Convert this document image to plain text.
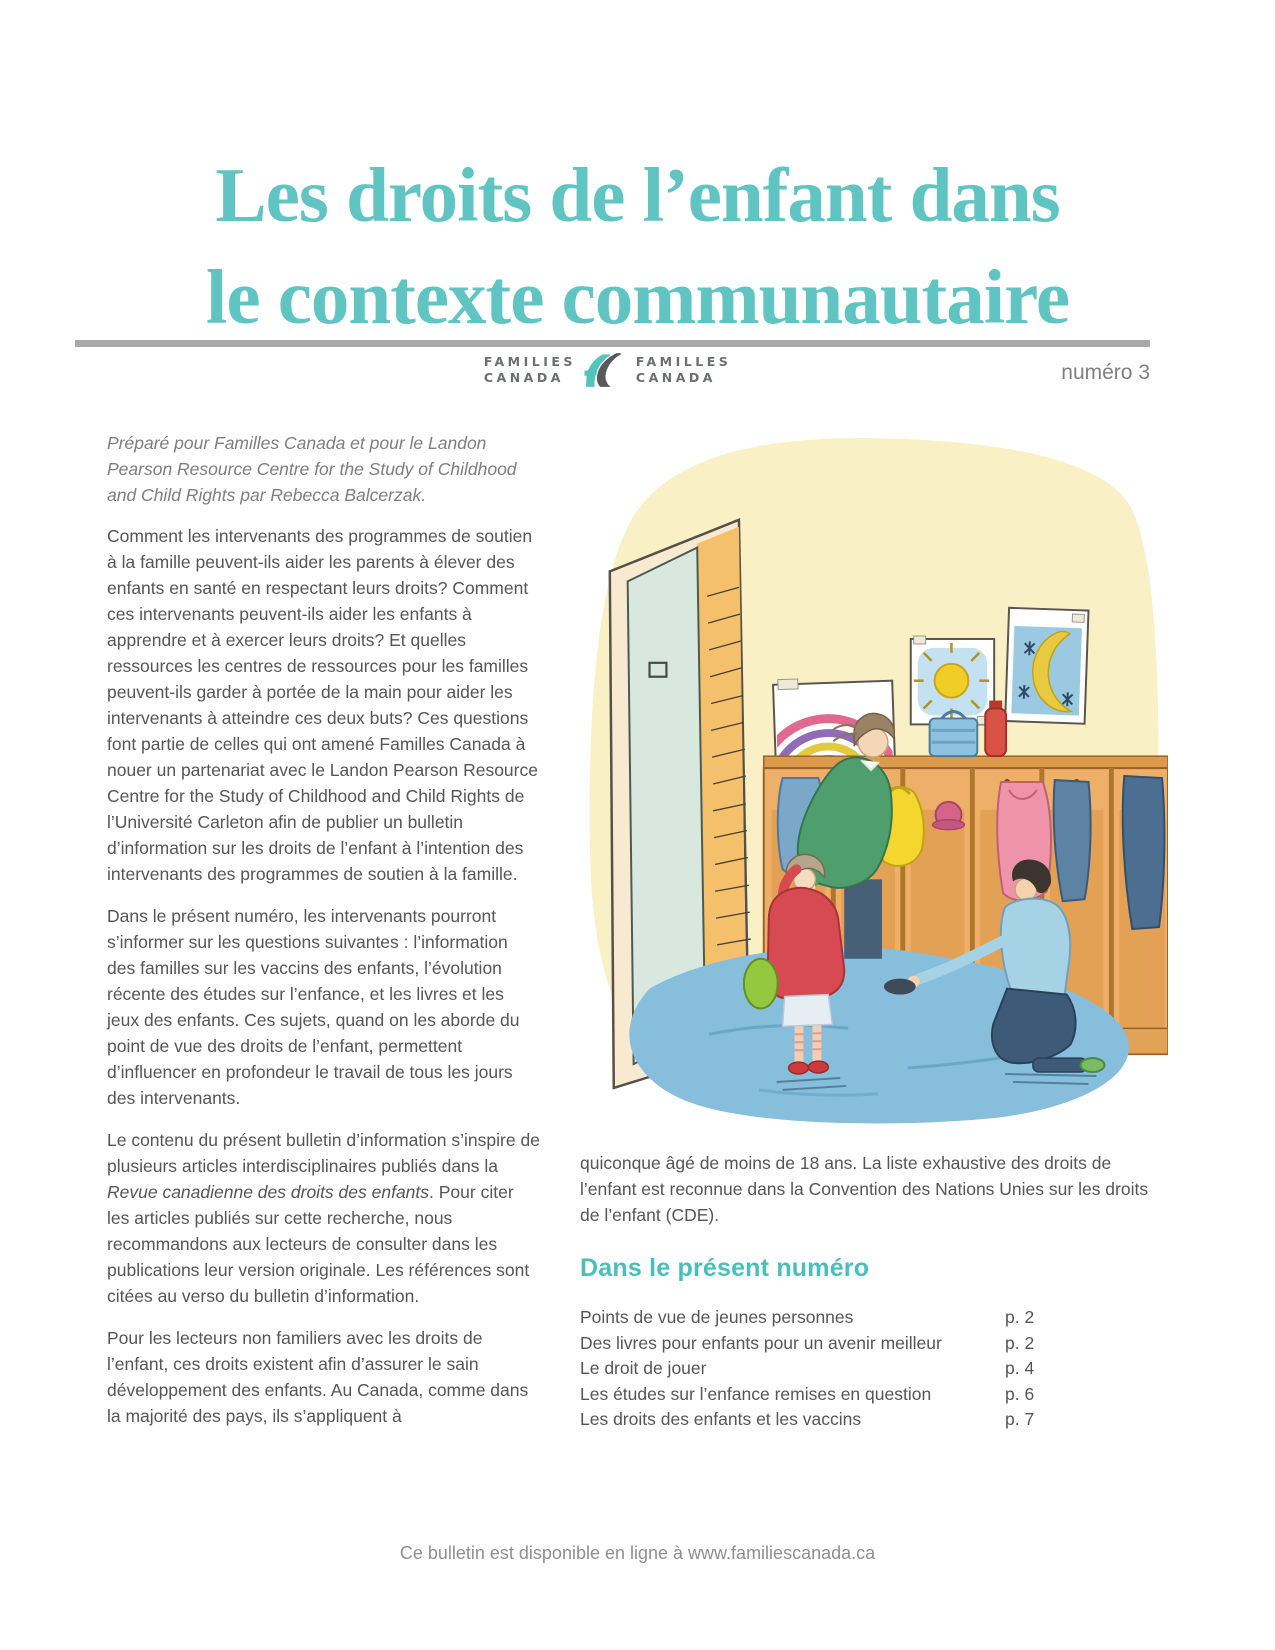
Les droits de l’enfant dans
le contexte communautaire
FAMILIES
CANADA
FAMILLES
CANADA	numéro 3

Préparé pour Familles Canada et pour le Landon Pearson Resource Centre for the Study of Childhood and Child Rights par Rebecca Balcerzak.

Comment les intervenants des programmes de soutien à la famille peuvent-ils aider les parents à élever des enfants en santé en respectant leurs droits? Comment ces intervenants peuvent-ils aider les enfants à apprendre et à exercer leurs droits? Et quelles ressources les centres de ressources pour les familles peuvent-ils garder à portée de la main pour aider les intervenants à atteindre ces deux buts? Ces questions font partie de celles qui ont amené Familles Canada à nouer un partenariat avec le Landon Pearson Resource Centre for the Study of Childhood and Child Rights de l’Université Carleton afin de publier un bulletin d’information sur les droits de l’enfant à l’intention des intervenants des programmes de soutien à la famille.

Dans le présent numéro, les intervenants pourront s’informer sur les questions suivantes : l’information des familles sur les vaccins des enfants, l’évolution récente des études sur l’enfance, et les livres et les jeux des enfants. Ces sujets, quand on les aborde du point de vue des droits de l’enfant, permettent d’influencer en profondeur le travail de tous les jours des intervenants.

Le contenu du présent bulletin d’information s’inspire de plusieurs articles interdisciplinaires publiés dans la Revue canadienne des droits des enfants. Pour citer les articles publiés sur cette recherche, nous recommandons aux lecteurs de consulter dans les publications leur version originale. Les références sont citées au verso du bulletin d’information.

Pour les lecteurs non familiers avec les droits de l’enfant, ces droits existent afin d’assurer le sain développement des enfants. Au Canada, comme dans la majorité des pays, ils s’appliquent à

quiconque âgé de moins de 18 ans. La liste exhaustive des droits de l’enfant est reconnue dans la Convention des Nations Unies sur les droits de l’enfant (CDE).

Dans le présent numéro
Points de vue de jeunes personnes	p. 2
Des livres pour enfants pour un avenir meilleur	p. 2
Le droit de jouer	p. 4
Les études sur l’enfance remises en question	p. 6
Les droits des enfants et les vaccins	p. 7
Ce bulletin est disponible en ligne à www.familiescanada.ca
